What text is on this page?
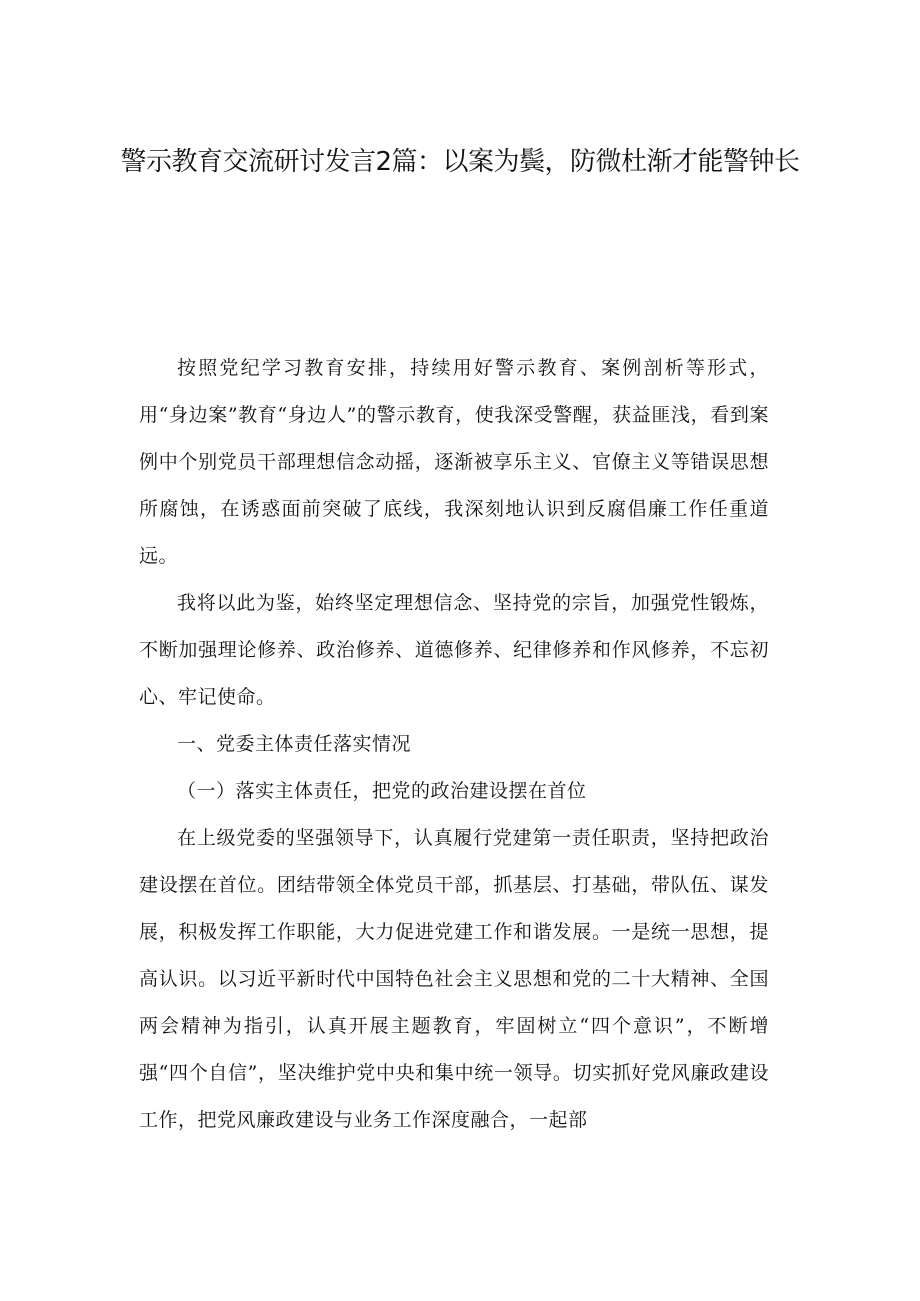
警示教育交流研讨发言2篇：以案为鬓，防微杜渐才能警钟长

按照党纪学习教育安排，持续用好警示教育、案例剖析等形式，用“身边案”教育“身边人”的警示教育，使我深受警醒，获益匪浅，看到案例中个别党员干部理想信念动摇，逐渐被享乐主义、官僚主义等错误思想所腐蚀，在诱惑面前突破了底线，我深刻地认识到反腐倡廉工作任重道远。

我将以此为鉴，始终坚定理想信念、坚持党的宗旨，加强党性锻炼，不断加强理论修养、政治修养、道德修养、纪律修养和作风修养，不忘初心、牢记使命。

一、党委主体责任落实情况

（一）落实主体责任，把党的政治建设摆在首位

在上级党委的坚强领导下，认真履行党建第一责任职责，坚持把政治建设摆在首位。团结带领全体党员干部，抓基层、打基础，带队伍、谋发展，积极发挥工作职能，大力促进党建工作和谐发展。一是统一思想，提高认识。以习近平新时代中国特色社会主义思想和党的二十大精神、全国两会精神为指引，认真开展主题教育，牢固树立“四个意识”，不断增强“四个自信”，坚决维护党中央和集中统一领导。切实抓好党风廉政建设工作，把党风廉政建设与业务工作深度融合，一起部
